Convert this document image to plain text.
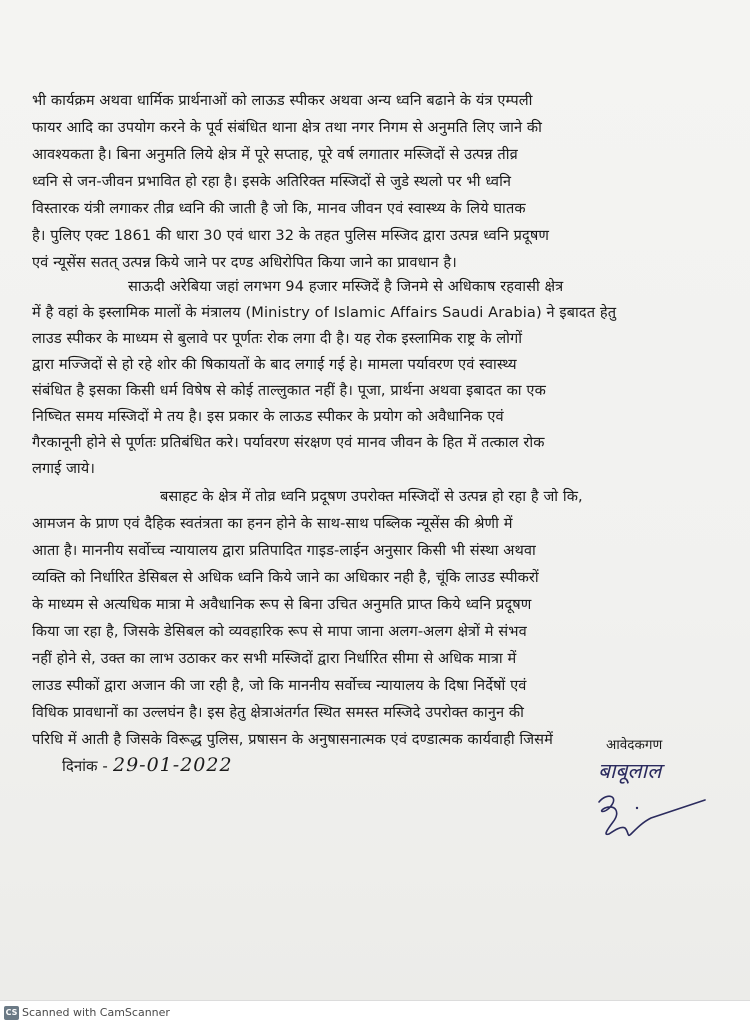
भी कार्यक्रम अथवा धार्मिक प्रार्थनाओं को लाऊड स्पीकर अथवा अन्य ध्वनि बढाने के यंत्र एम्पली
फायर आदि का उपयोग करने के पूर्व संबंधित थाना क्षेत्र तथा नगर निगम से अनुमति लिए जाने की
आवश्यकता है। बिना अनुमति लिये क्षेत्र में पूरे सप्ताह, पूरे वर्ष लगातार मस्जिदों से उत्पन्न तीव्र
ध्वनि से जन-जीवन प्रभावित हो रहा है। इसके अतिरिक्त मस्जिदों से जुडे स्थलो पर भी ध्वनि
विस्तारक यंत्री लगाकर तीव्र ध्वनि की जाती है जो कि, मानव जीवन एवं स्वास्थ्य के लिये घातक
है। पुलिए एक्ट 1861 की धारा 30 एवं धारा 32 के तहत पुलिस मस्जिद द्वारा उत्पन्न ध्वनि प्रदूषण
एवं न्यूसेंस सतत् उत्पन्न किये जाने पर दण्ड अधिरोपित किया जाने का प्रावधान है।
साऊदी अरेबिया जहां लगभग 94 हजार मस्जिदें है जिनमे से अधिकाष रहवासी क्षेत्र
में है वहां के इस्लामिक मालों के मंत्रालय (Ministry of Islamic Affairs Saudi Arabia) ने इबादत हेतु
लाउड स्पीकर के माध्यम से बुलावे पर पूर्णतः रोक लगा दी है। यह रोक इस्लामिक राष्ट्र के लोगों
द्वारा मज्जिदों से हो रहे शोर की षिकायतों के बाद लगाई गई हे। मामला पर्यावरण एवं स्वास्थ्य
संबंधित है इसका किसी धर्म विषेष से कोई ताल्लुकात नहीं है। पूजा, प्रार्थना अथवा इबादत का एक
निष्चित समय मस्जिदों मे तय है। इस प्रकार के लाऊड स्पीकर के प्रयोग को अवैधानिक एवं
गैरकानूनी होने से पूर्णतः प्रतिबंधित करे। पर्यावरण संरक्षण एवं मानव जीवन के हित में तत्काल रोक
लगाई जाये।
बसाहट के क्षेत्र में तोव्र ध्वनि प्रदूषण उपरोक्त मस्जिदों से उत्पन्न हो रहा है जो कि,
आमजन के प्राण एवं दैहिक स्वतंत्रता का हनन होने के साथ-साथ पब्लिक न्यूसेंस की श्रेणी में
आता है। माननीय सर्वोच्च न्यायालय द्वारा प्रतिपादित गाइड-लाईन अनुसार किसी भी संस्था अथवा
व्यक्ति को निर्धारित डेसिबल से अधिक ध्वनि किये जाने का अधिकार नही है, चूंकि लाउड स्पीकरों
के माध्यम से अत्यधिक मात्रा मे अवैधानिक रूप से बिना उचित अनुमति प्राप्त किये ध्वनि प्रदूषण
किया जा रहा है, जिसके डेसिबल को व्यवहारिक रूप से मापा जाना अलग-अलग क्षेत्रों मे संभव
नहीं होने से, उक्त का लाभ उठाकर कर सभी मस्जिदों द्वारा निर्धारित सीमा से अधिक मात्रा में
लाउड स्पीकों द्वारा अजान की जा रही है, जो कि माननीय सर्वोच्च न्यायालय के दिषा निर्देषों एवं
विधिक प्रावधानों का उल्लघंन है। इस हेतु क्षेत्राअंतर्गत स्थित समस्त मस्जिदे उपरोक्त कानुन की
परिधि में आती है जिसके विरूद्ध पुलिस, प्रषासन के अनुषासनात्मक एवं दण्डात्मक कार्यवाही जिसमें
दिनांक - 29-01-2022
आवेदकगण
बाबूलाल
CS Scanned with CamScanner
